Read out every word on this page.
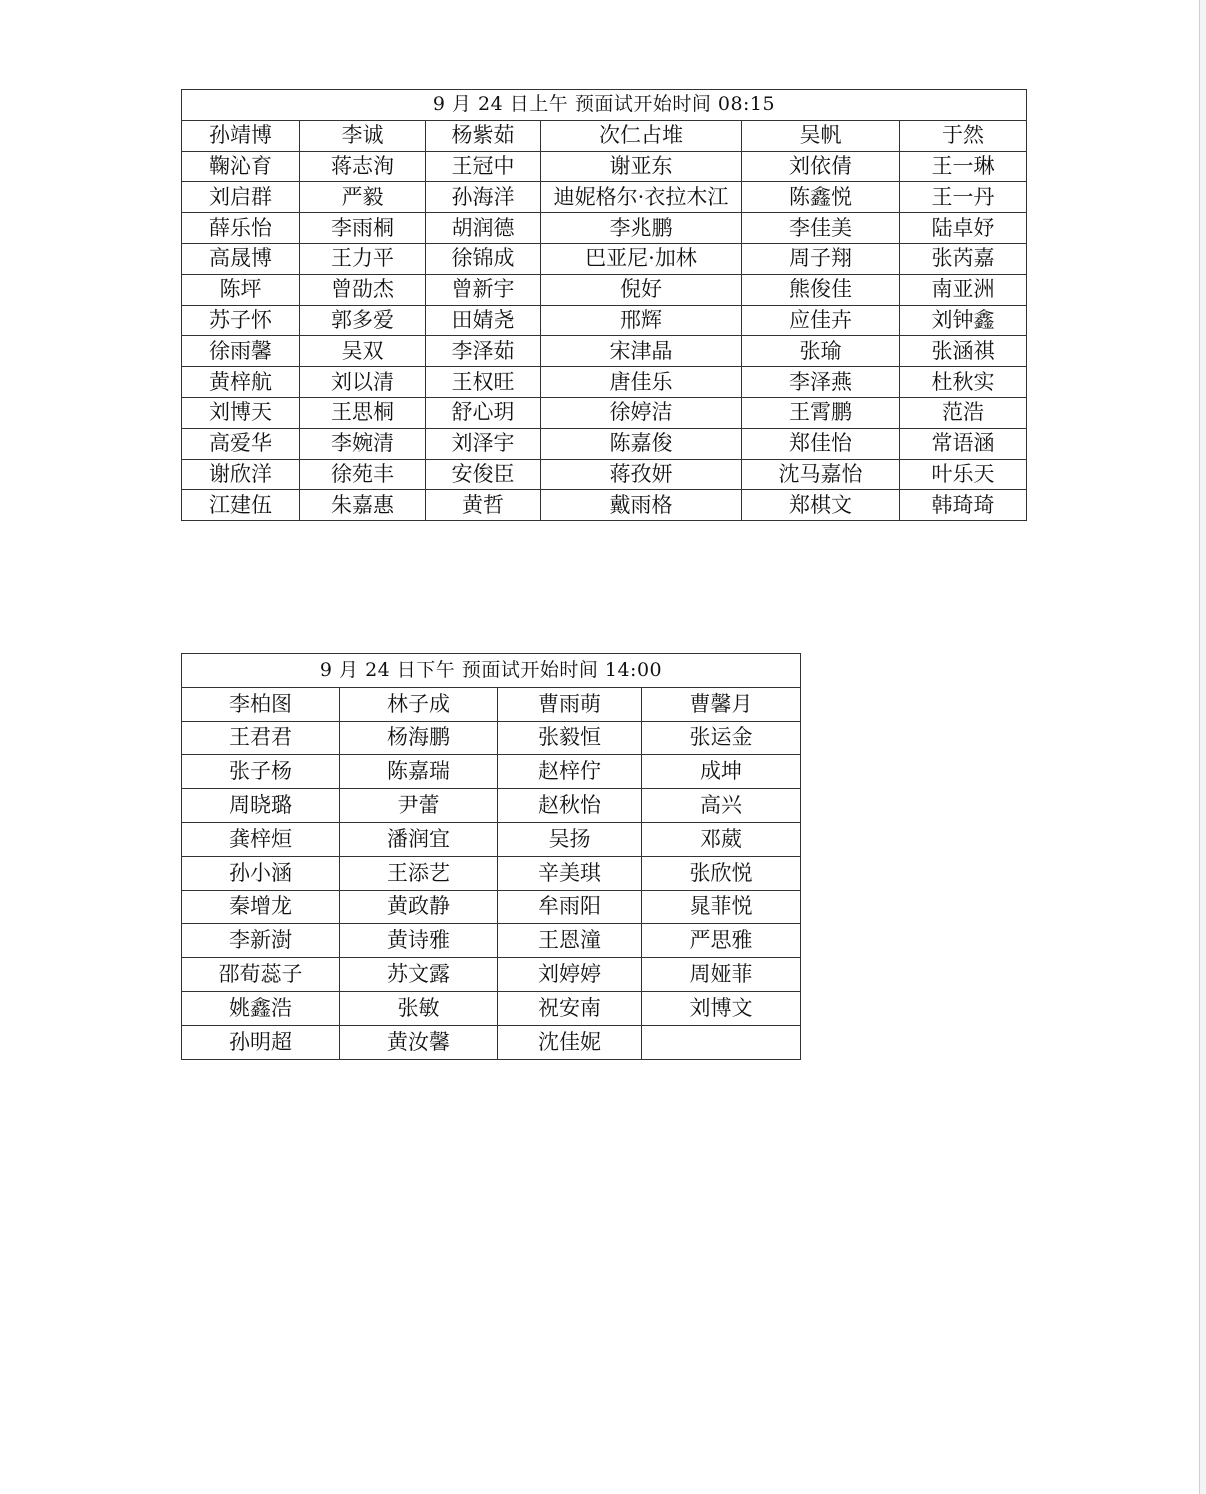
9 月 24 日上午 预面试开始时间 08:15					
孙靖博	李诚	杨紫茹	次仁占堆	吴帆	于然
鞠沁育	蒋志洵	王冠中	谢亚东	刘依倩	王一琳
刘启群	严毅	孙海洋	迪妮格尔·衣拉木江	陈鑫悦	王一丹
薛乐怡	李雨桐	胡润德	李兆鹏	李佳美	陆卓妤
高晟博	王力平	徐锦成	巴亚尼·加林	周子翔	张芮嘉
陈坪	曾劭杰	曾新宇	倪好	熊俊佳	南亚洲
苏子怀	郭多爱	田婧尧	邢辉	应佳卉	刘钟鑫
徐雨馨	吴双	李泽茹	宋津晶	张瑜	张涵祺
黄梓航	刘以清	王权旺	唐佳乐	李泽燕	杜秋实
刘博天	王思桐	舒心玥	徐婷洁	王霄鹏	范浩
高爱华	李婉清	刘泽宇	陈嘉俊	郑佳怡	常语涵
谢欣洋	徐苑丰	安俊臣	蒋孜妍	沈马嘉怡	叶乐天
江建伍	朱嘉惠	黄哲	戴雨格	郑棋文	韩琦琦
9 月 24 日下午 预面试开始时间 14:00			
李柏图	林子成	曹雨萌	曹馨月
王君君	杨海鹏	张毅恒	张运金
张子杨	陈嘉瑞	赵梓佇	成坤
周晓璐	尹蕾	赵秋怡	高兴
龚梓烜	潘润宜	吴扬	邓葳
孙小涵	王添艺	辛美琪	张欣悦
秦增龙	黄政静	牟雨阳	晁菲悦
李新澍	黄诗雅	王恩潼	严思雅
邵荀蕊子	苏文露	刘婷婷	周娅菲
姚鑫浩	张敏	祝安南	刘博文
孙明超	黄汝馨	沈佳妮	
